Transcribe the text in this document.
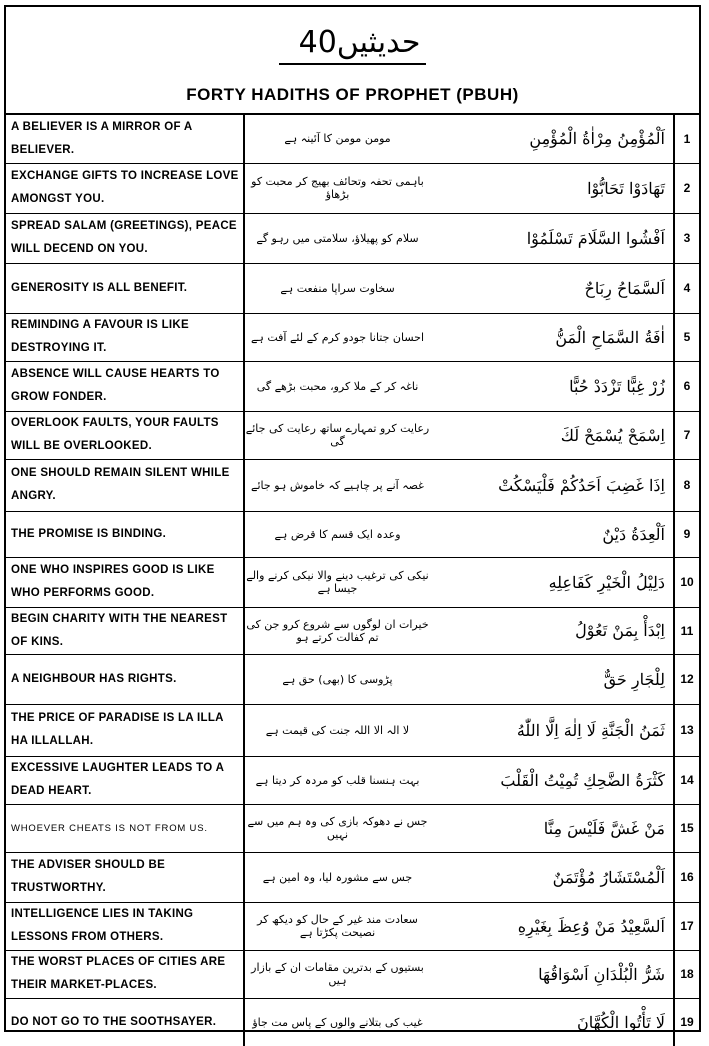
حدیثیں40
FORTY HADITHS OF PROPHET (PBUH)
A BELIEVER IS A MIRROR OF A BELIEVER.	مومن مومن کا آئینہ ہے	اَلْمُؤْمِنُ مِرْاٰةُ الْمُؤْمِنِ	1
EXCHANGE GIFTS TO INCREASE LOVE AMONGST YOU.	باہمی تحفہ وتحائف بھیج کر محبت کو بڑھاؤ	تَهَادَوْا تَحَابُّوْا	2
SPREAD SALAM (GREETINGS), PEACE WILL DECEND ON YOU.	سلام کو پھیلاؤ، سلامتی میں رہو گے	اَفْشُوا السَّلَامَ تَسْلَمُوْا	3
GENEROSITY IS ALL BENEFIT.	سخاوت سراپا منفعت ہے	اَلسَّمَاحُ رِبَاحٌ	4
REMINDING A FAVOUR IS LIKE DESTROYING IT.	احسان جتانا جودو کرم کے لئے آفت ہے	اٰفَةُ السَّمَاحِ الْمَنُّ	5
ABSENCE WILL CAUSE HEARTS TO GROW FONDER.	ناغہ کر کے ملا کرو، محبت بڑھے گی	زُرْ غِبًّا تَزْدَدْ حُبًّا	6
OVERLOOK FAULTS, YOUR FAULTS WILL BE OVERLOOKED.	رعایت کرو تمہارے ساتھ رعایت کی جائے گی	اِسْمَحْ يُسْمَحْ لَكَ	7
ONE SHOULD REMAIN SILENT WHILE ANGRY.	غصہ آنے پر چاہیے کہ خاموش ہو جائے	اِذَا غَضِبَ اَحَدُكُمْ فَلْيَسْكُتْ	8
THE PROMISE IS BINDING.	وعدہ ایک قسم کا قرض ہے	اَلْعِدَةُ دَيْنٌ	9
ONE WHO INSPIRES GOOD IS LIKE WHO PERFORMS GOOD.	نیکی کی ترغیب دینے والا نیکی کرنے والے جیسا ہے	دَلِيْلُ الْخَيْرِ كَفَاعِلِهِ	10
BEGIN CHARITY WITH THE NEAREST OF KINS.	خیرات ان لوگوں سے شروع کرو جن کی تم کفالت کرتے ہو	اِبْدَأْ بِمَنْ تَعُوْلُ	11
A NEIGHBOUR HAS RIGHTS.	پڑوسی کا (بھی) حق ہے	لِلْجَارِ حَقٌّ	12
THE PRICE OF PARADISE IS LA ILLA HA ILLALLAH.	لا الہ الا اللہ جنت کی قیمت ہے	ثَمَنُ الْجَنَّةِ لَا اِلٰهَ اِلَّا اللّٰهُ	13
EXCESSIVE LAUGHTER LEADS TO A DEAD HEART.	بہت ہنسنا قلب کو مردہ کر دیتا ہے	كَثْرَةُ الضَّحِكِ تُمِيْتُ الْقَلْبَ	14
WHOEVER CHEATS IS NOT FROM US.	جس نے دھوکہ بازی کی وہ ہم میں سے نہیں	مَنْ غَشَّ فَلَيْسَ مِنَّا	15
THE ADVISER SHOULD BE TRUSTWORTHY.	جس سے مشورہ لیا، وہ امین ہے	اَلْمُسْتَشَارُ مُؤْتَمَنٌ	16
INTELLIGENCE LIES IN TAKING LESSONS FROM OTHERS.	سعادت مند غیر کے حال کو دیکھ کر نصیحت پکڑتا ہے	اَلسَّعِيْدُ مَنْ وُعِظَ بِغَيْرِهِ	17
THE WORST PLACES OF CITIES ARE THEIR MARKET-PLACES.	بستیوں کے بدترین مقامات ان کے بازار ہیں	شَرُّ الْبُلْدَانِ اَسْوَاقُهَا	18
DO NOT GO TO THE SOOTHSAYER.	غیب کی بتلانے والوں کے پاس مت جاؤ	لَا تَأْتُوا الْكُهَّانَ	19
